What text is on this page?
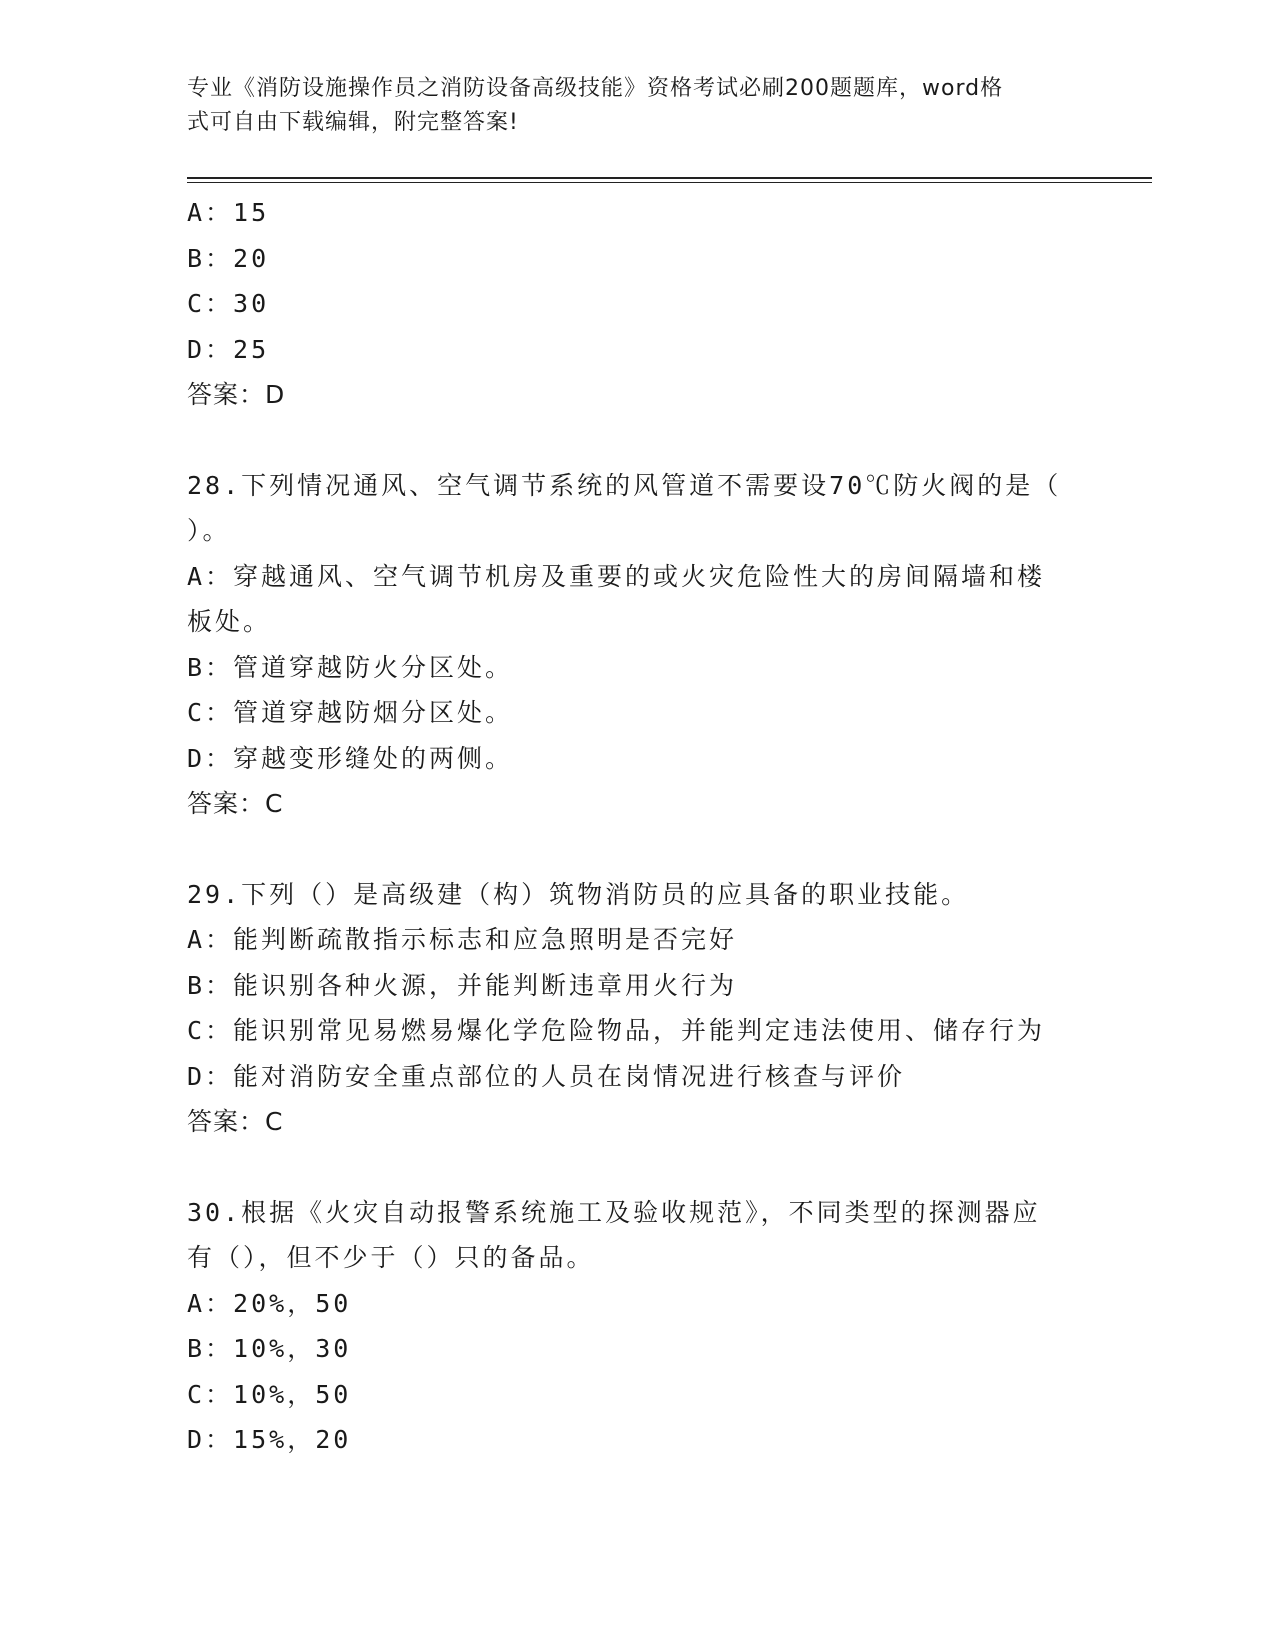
专业《消防设施操作员之消防设备高级技能》资格考试必刷200题题库，word格
式可自由下载编辑，附完整答案!
A：15
B：20
C：30
D：25
答案：D
28.下列情况通风、空气调节系统的风管道不需要设70℃防火阀的是（
）。
A：穿越通风、空气调节机房及重要的或火灾危险性大的房间隔墙和楼
板处。
B：管道穿越防火分区处。
C：管道穿越防烟分区处。
D：穿越变形缝处的两侧。
答案：C
29.下列（）是高级建（构）筑物消防员的应具备的职业技能。
A：能判断疏散指示标志和应急照明是否完好
B：能识别各种火源，并能判断违章用火行为
C：能识别常见易燃易爆化学危险物品，并能判定违法使用、储存行为
D：能对消防安全重点部位的人员在岗情况进行核查与评价
答案：C
30.根据《火灾自动报警系统施工及验收规范》，不同类型的探测器应
有（），但不少于（）只的备品。
A：20%，50
B：10%，30
C：10%，50
D：15%，20
